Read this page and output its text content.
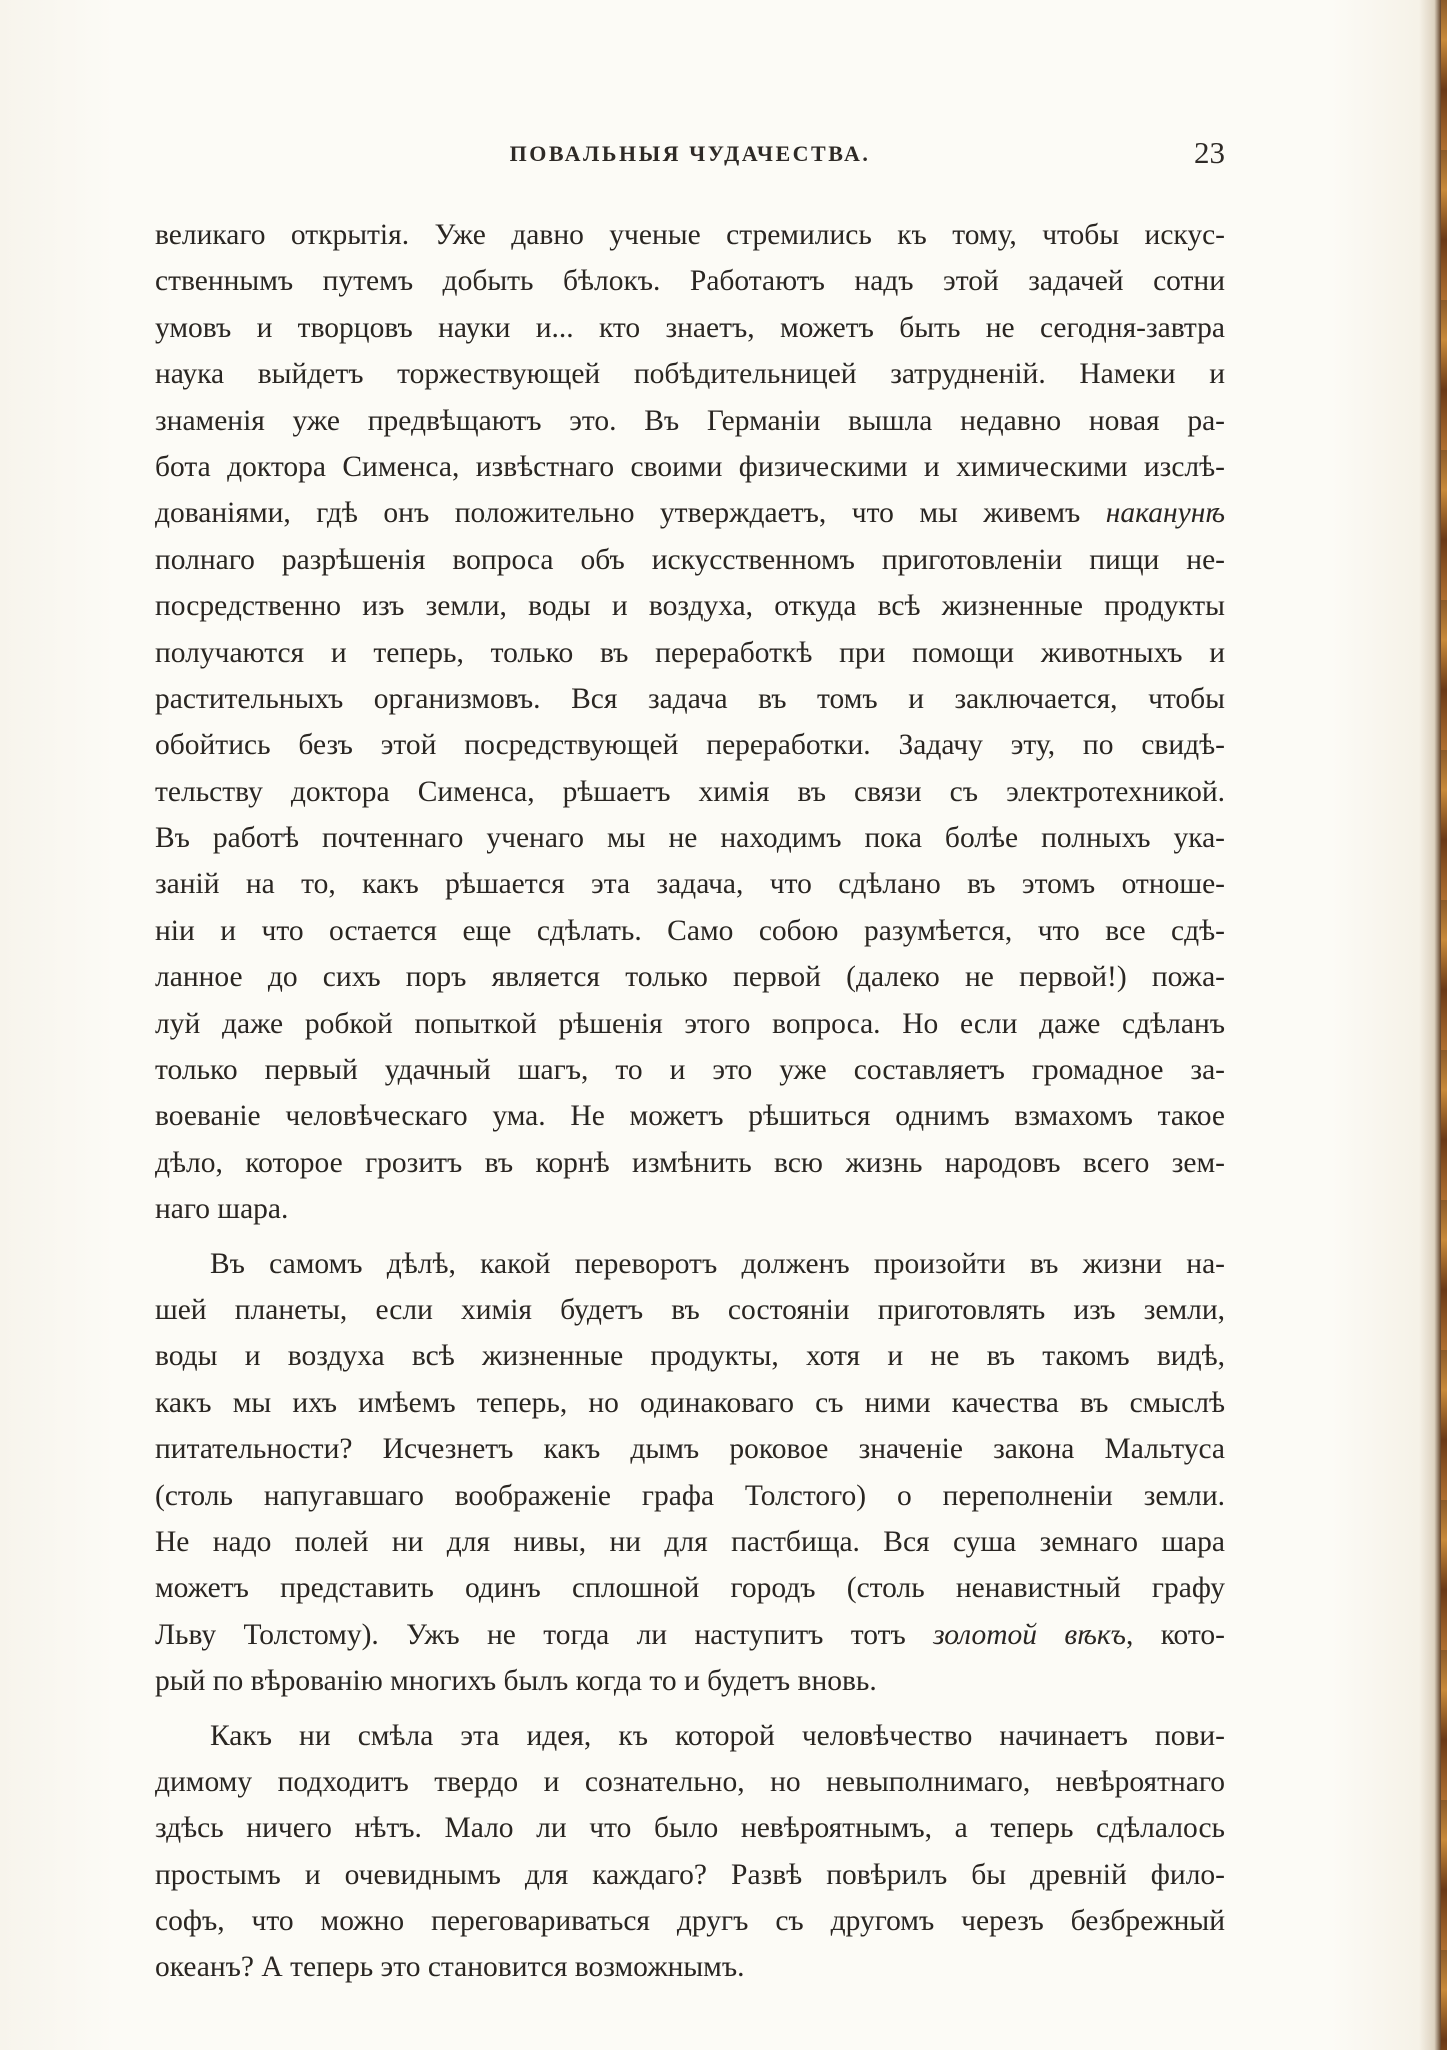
ПОВАЛЬНЫЯ ЧУДАЧЕСТВА.	23
великаго открытія. Уже давно ученые стремились къ тому, чтобы искус-
ственнымъ путемъ добыть бѣлокъ. Работаютъ надъ этой задачей сотни
умовъ и творцовъ науки и... кто знаетъ, можетъ быть не сегодня-завтра
наука выйдетъ торжествующей побѣдительницей затрудненій. Намеки и
знаменія уже предвѣщаютъ это. Въ Германіи вышла недавно новая ра-
бота доктора Сименса, извѣстнаго своими физическими и химическими изслѣ-
дованіями, гдѣ онъ положительно утверждаетъ, что мы живемъ наканунѣ
полнаго разрѣшенія вопроса объ искусственномъ приготовленіи пищи не-
посредственно изъ земли, воды и воздуха, откуда всѣ жизненные продукты
получаются и теперь, только въ переработкѣ при помощи животныхъ и
растительныхъ организмовъ. Вся задача въ томъ и заключается, чтобы
обойтись безъ этой посредствующей переработки. Задачу эту, по свидѣ-
тельству доктора Сименса, рѣшаетъ химія въ связи съ электротехникой.
Въ работѣ почтеннаго ученаго мы не находимъ пока болѣе полныхъ ука-
заній на то, какъ рѣшается эта задача, что сдѣлано въ этомъ отноше-
ніи и что остается еще сдѣлать. Само собою разумѣется, что все сдѣ-
ланное до сихъ поръ является только первой (далеко не первой!) пожа-
луй даже робкой попыткой рѣшенія этого вопроса. Но если даже сдѣланъ
только первый удачный шагъ, то и это уже составляетъ громадное за-
воеваніе человѣческаго ума. Не можетъ рѣшиться однимъ взмахомъ такое
дѣло, которое грозитъ въ корнѣ измѣнить всю жизнь народовъ всего зем-
наго шара.
Въ самомъ дѣлѣ, какой переворотъ долженъ произойти въ жизни на-
шей планеты, если химія будетъ въ состояніи приготовлять изъ земли,
воды и воздуха всѣ жизненные продукты, хотя и не въ такомъ видѣ,
какъ мы ихъ имѣемъ теперь, но одинаковаго съ ними качества въ смыслѣ
питательности? Исчезнетъ какъ дымъ роковое значеніе закона Мальтуса
(столь напугавшаго воображеніе графа Толстого) о переполненіи земли.
Не надо полей ни для нивы, ни для пастбища. Вся суша земнаго шара
можетъ представить одинъ сплошной городъ (столь ненавистный графу
Льву Толстому). Ужъ не тогда ли наступитъ тотъ золотой вѣкъ, кото-
рый по вѣрованію многихъ былъ когда то и будетъ вновь.
Какъ ни смѣла эта идея, къ которой человѣчество начинаетъ пови-
димому подходитъ твердо и сознательно, но невыполнимаго, невѣроятнаго
здѣсь ничего нѣтъ. Мало ли что было невѣроятнымъ, а теперь сдѣлалось
простымъ и очевиднымъ для каждаго? Развѣ повѣрилъ бы древній фило-
софъ, что можно переговариваться другъ съ другомъ черезъ безбрежный
океанъ? А теперь это становится возможнымъ.
